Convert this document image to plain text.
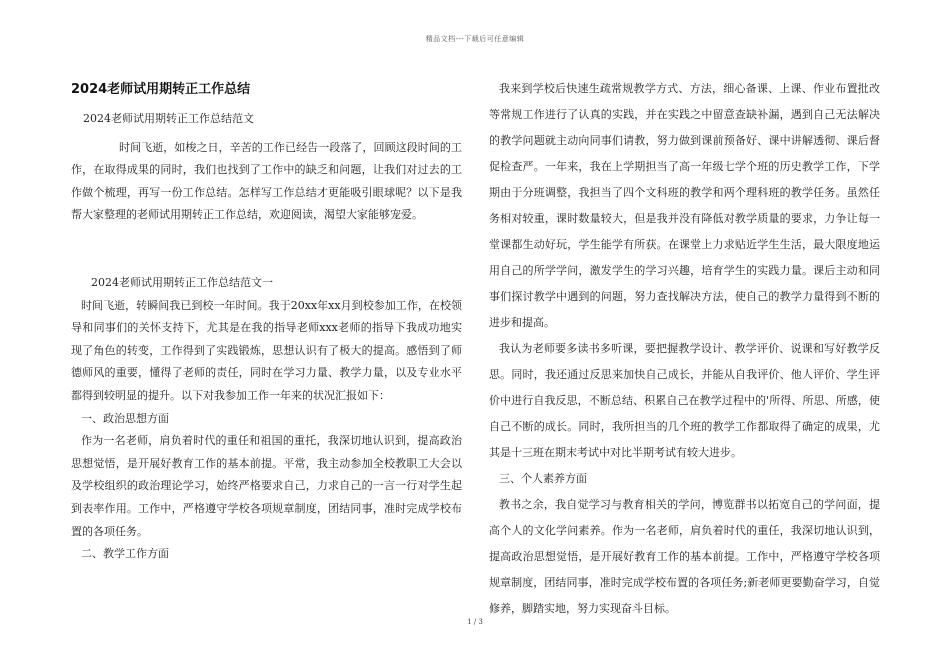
精品文档---下载后可任意编辑
2024老师试用期转正工作总结

2024老师试用期转正工作总结范文

时间飞逝，如梭之日，辛苦的工作已经告一段落了，回顾这段时间的工作，在取得成果的同时，我们也找到了工作中的缺乏和问题，让我们对过去的工作做个梳理，再写一份工作总结。怎样写工作总结才更能吸引眼球呢？以下是我帮大家整理的老师试用期转正工作总结，欢迎阅读，渴望大家能够宠爱。

2024老师试用期转正工作总结范文一

时间飞逝，转瞬间我已到校一年时间。我于20xx年xx月到校参加工作，在校领导和同事们的关怀支持下，尤其是在我的指导老师xxx老师的指导下我成功地实现了角色的转变，工作得到了实践锻炼，思想认识有了极大的提高。感悟到了师德师风的重要，懂得了老师的责任，同时在学习力量、教学力量，以及专业水平都得到较明显的提升。以下对我参加工作一年来的状况汇报如下：

一、政治思想方面

作为一名老师，肩负着时代的重任和祖国的重托，我深切地认识到，提高政治思想觉悟，是开展好教育工作的基本前提。平常，我主动参加全校教职工大会以及学校组织的政治理论学习，始终严格要求自己，力求自己的一言一行对学生起到表率作用。工作中，严格遵守学校各项规章制度，团结同事，准时完成学校布置的各项任务。

二、教学工作方面

我来到学校后快速生疏常规教学方式、方法，细心备课、上课、作业布置批改等常规工作进行了认真的实践，并在实践之中留意查缺补漏，遇到自己无法解决的教学问题就主动向同事们请教，努力做到课前预备好、课中讲解透彻、课后督促检查严。一年来，我在上学期担当了高一年级七学个班的历史教学工作，下学期由于分班调整，我担当了四个文科班的教学和两个理科班的教学任务。虽然任务相对较重，课时数量较大，但是我并没有降低对教学质量的要求，力争让每一堂课都生动好玩，学生能学有所获。在课堂上力求贴近学生生活，最大限度地运用自己的所学学问，激发学生的学习兴趣，培育学生的实践力量。课后主动和同事们探讨教学中遇到的问题，努力查找解决方法，使自己的教学力量得到不断的进步和提高。

我认为老师要多读书多听课，要把握教学设计、教学评价、说课和写好教学反思。同时，我还通过反思来加快自己成长，并能从自我评价、他人评价、学生评价中进行自我反思，不断总结、积累自己在教学过程中的'所得、所思、所感，使自己不断的成长。同时，我所担当的几个班的教学工作都取得了确定的成果，尤其是十三班在期末考试中对比半期考试有较大进步。

三、个人素养方面

教书之余，我自觉学习与教育相关的学问，博览群书以拓宽自己的学问面，提高个人的文化学问素养。作为一名老师，肩负着时代的重任，我深切地认识到，提高政治思想觉悟，是开展好教育工作的基本前提。工作中，严格遵守学校各项规章制度，团结同事，准时完成学校布置的各项任务;新老师更要勤奋学习，自觉修养，脚踏实地，努力实现奋斗目标。

1 / 3
